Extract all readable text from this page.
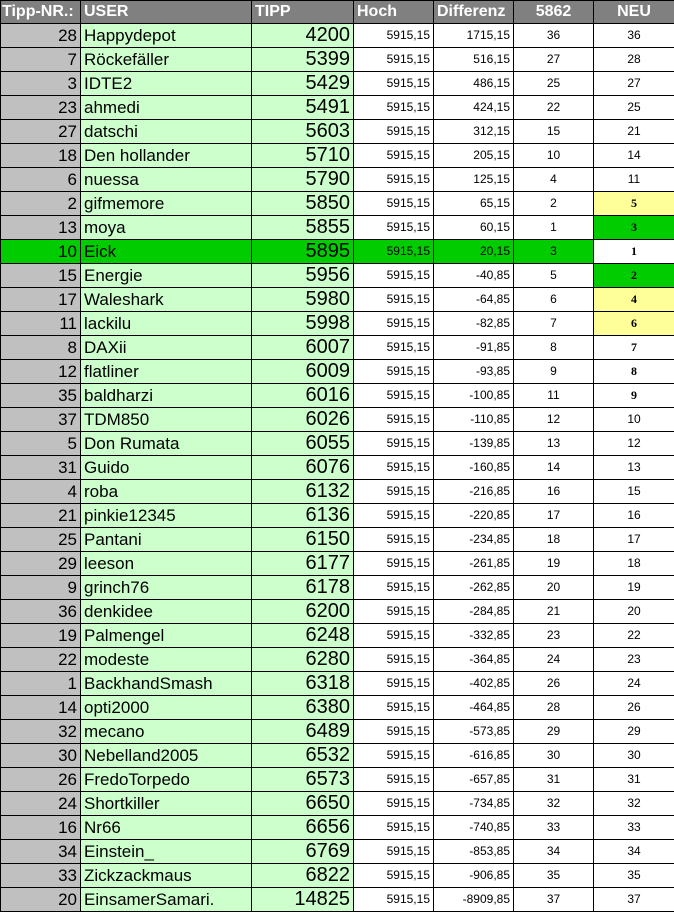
Tipp-NR.:	USER	TIPP	Hoch	Differenz	5862	NEU
28	Happydepot	4200	5915,15	1715,15	36	36
7	Röckefäller	5399	5915,15	516,15	27	28
3	IDTE2	5429	5915,15	486,15	25	27
23	ahmedi	5491	5915,15	424,15	22	25
27	datschi	5603	5915,15	312,15	15	21
18	Den hollander	5710	5915,15	205,15	10	14
6	nuessa	5790	5915,15	125,15	4	11
2	gifmemore	5850	5915,15	65,15	2	5
13	moya	5855	5915,15	60,15	1	3
10	Eick	5895	5915,15	20,15	3	1
15	Energie	5956	5915,15	-40,85	5	2
17	Waleshark	5980	5915,15	-64,85	6	4
11	lackilu	5998	5915,15	-82,85	7	6
8	DAXii	6007	5915,15	-91,85	8	7
12	flatliner	6009	5915,15	-93,85	9	8
35	baldharzi	6016	5915,15	-100,85	11	9
37	TDM850	6026	5915,15	-110,85	12	10
5	Don Rumata	6055	5915,15	-139,85	13	12
31	Guido	6076	5915,15	-160,85	14	13
4	roba	6132	5915,15	-216,85	16	15
21	pinkie12345	6136	5915,15	-220,85	17	16
25	Pantani	6150	5915,15	-234,85	18	17
29	leeson	6177	5915,15	-261,85	19	18
9	grinch76	6178	5915,15	-262,85	20	19
36	denkidee	6200	5915,15	-284,85	21	20
19	Palmengel	6248	5915,15	-332,85	23	22
22	modeste	6280	5915,15	-364,85	24	23
1	BackhandSmash	6318	5915,15	-402,85	26	24
14	opti2000	6380	5915,15	-464,85	28	26
32	mecano	6489	5915,15	-573,85	29	29
30	Nebelland2005	6532	5915,15	-616,85	30	30
26	FredoTorpedo	6573	5915,15	-657,85	31	31
24	Shortkiller	6650	5915,15	-734,85	32	32
16	Nr66	6656	5915,15	-740,85	33	33
34	Einstein_	6769	5915,15	-853,85	34	34
33	Zickzackmaus	6822	5915,15	-906,85	35	35
20	EinsamerSamari.	14825	5915,15	-8909,85	37	37
